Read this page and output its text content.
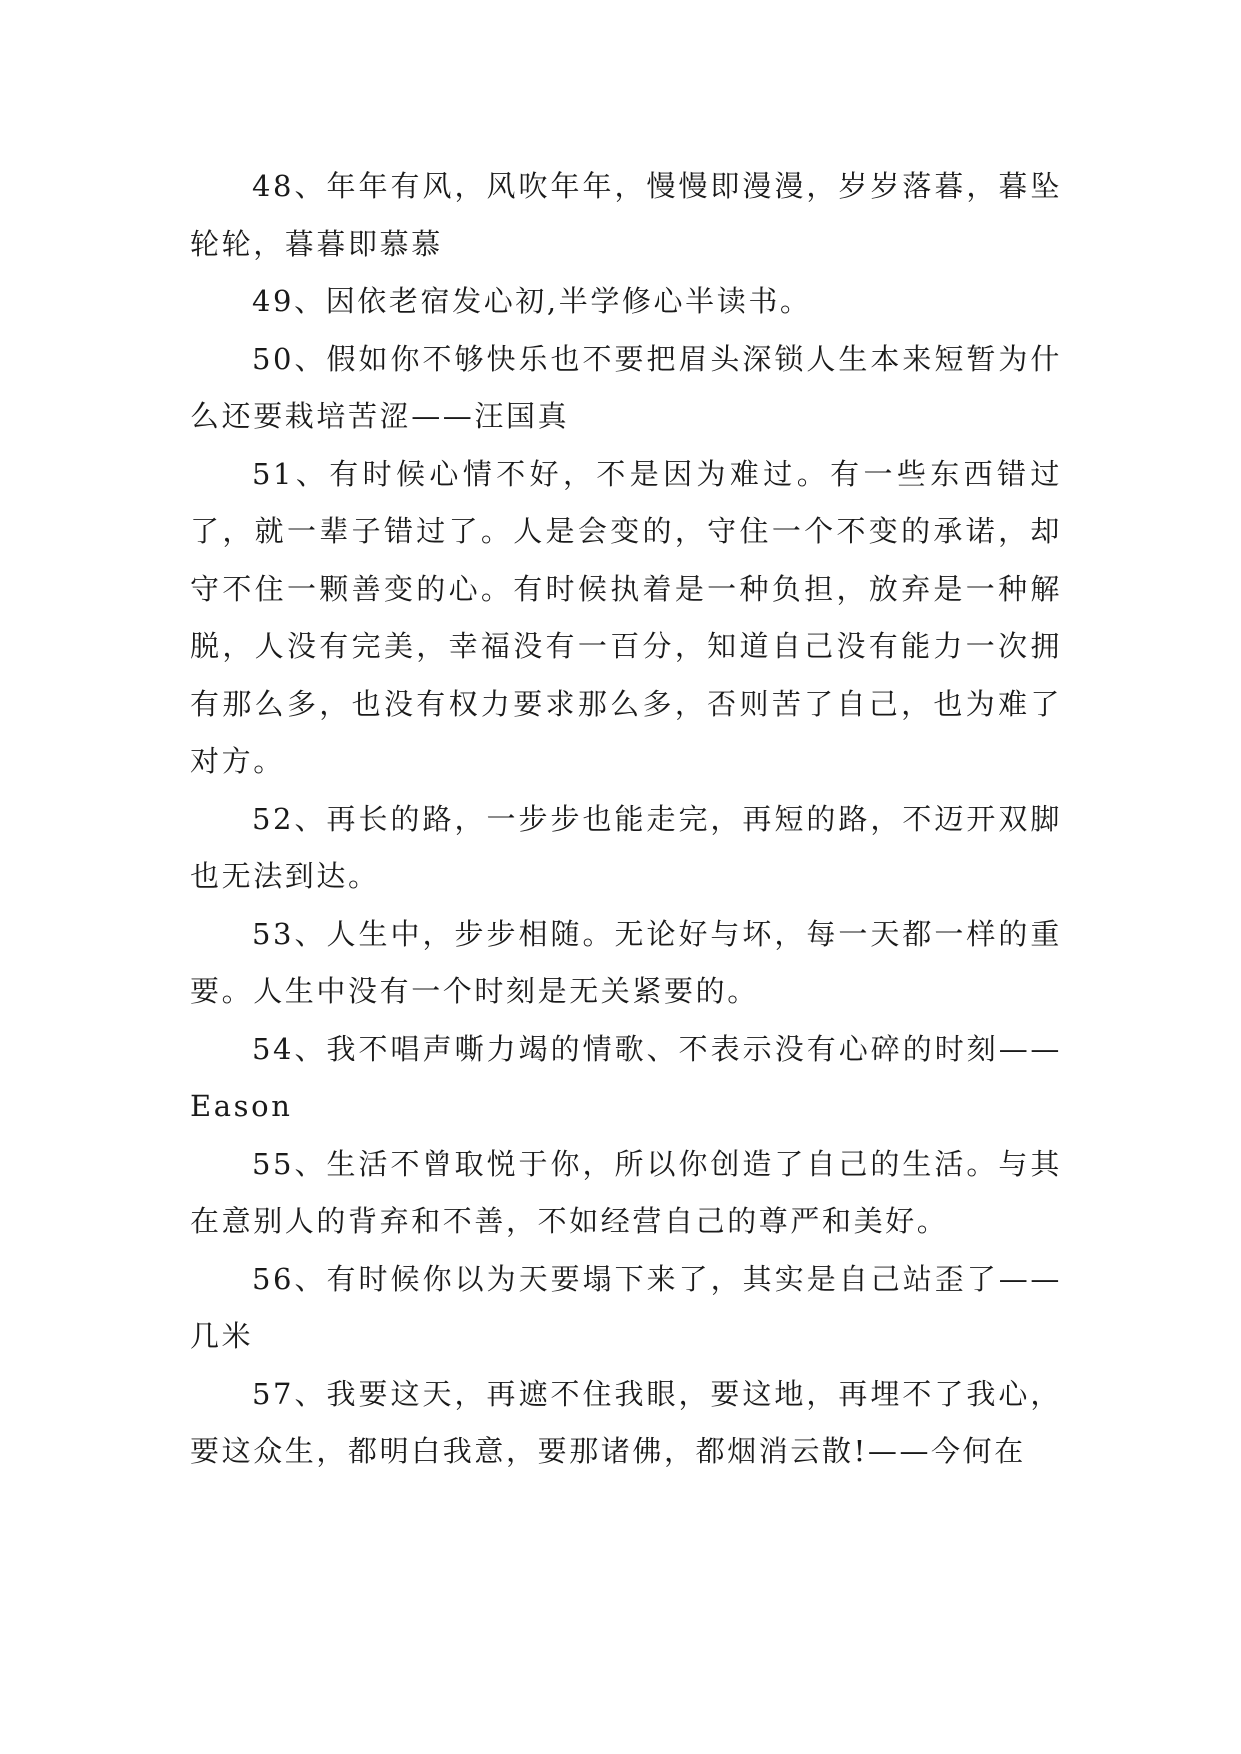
48、年年有风，风吹年年，慢慢即漫漫，岁岁落暮，暮坠轮轮，暮暮即慕慕

49、因依老宿发心初,半学修心半读书。

50、假如你不够快乐也不要把眉头深锁人生本来短暂为什么还要栽培苦涩——汪国真

51、有时候心情不好，不是因为难过。有一些东西错过了，就一辈子错过了。人是会变的，守住一个不变的承诺，却守不住一颗善变的心。有时候执着是一种负担，放弃是一种解脱，人没有完美，幸福没有一百分，知道自己没有能力一次拥有那么多，也没有权力要求那么多，否则苦了自己，也为难了对方。

52、再长的路，一步步也能走完，再短的路，不迈开双脚也无法到达。

53、人生中，步步相随。无论好与坏，每一天都一样的重要。人生中没有一个时刻是无关紧要的。

54、我不唱声嘶力竭的情歌、不表示没有心碎的时刻——Eason

55、生活不曾取悦于你，所以你创造了自己的生活。与其在意别人的背弃和不善，不如经营自己的尊严和美好。

56、有时候你以为天要塌下来了，其实是自己站歪了——几米

57、我要这天，再遮不住我眼，要这地，再埋不了我心，要这众生，都明白我意，要那诸佛，都烟消云散!——今何在
